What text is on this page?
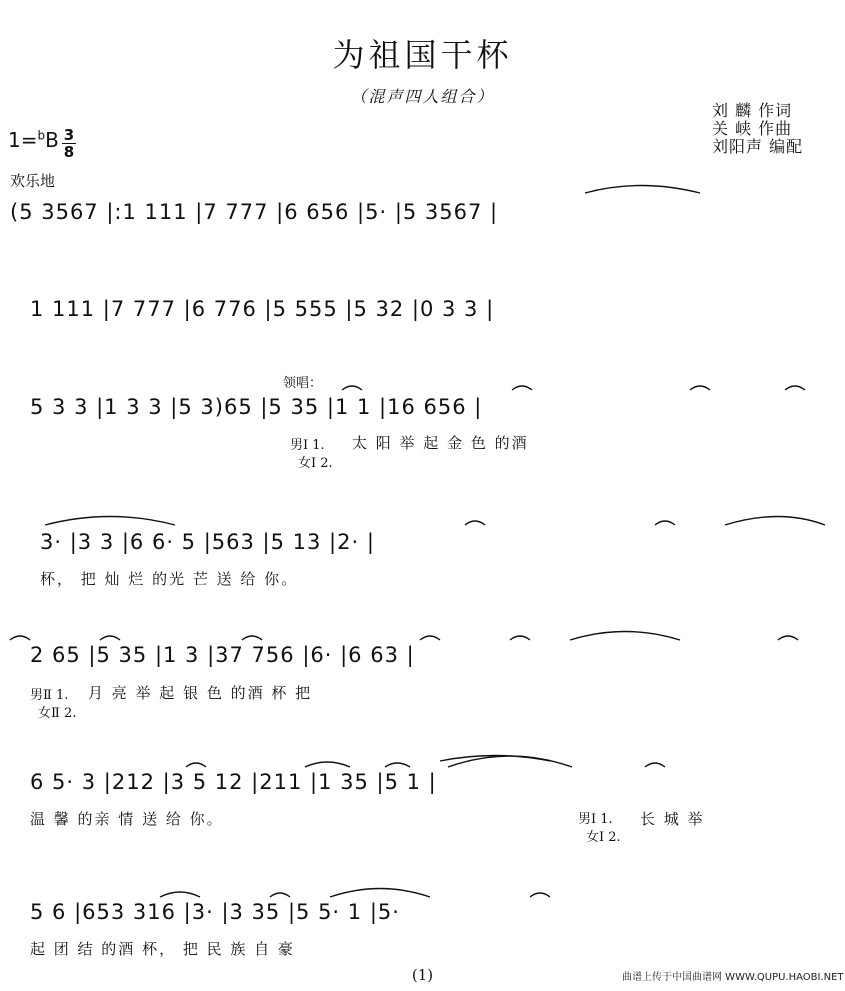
为祖国干杯
（混声四人组合）
刘 麟 作词
关 峡 作曲
刘阳声 编配
1=$^b$B 3
8
欢乐地
(5 3567 |:1 111 |7 777 |6 656 |5· |5 3567 |
1 111 |7 777 |6 776 |5 555 |5 32 |0 3 3 |
领唱：
5 3 3 |1 3 3 |5 3)65 |5 35 |1 1 |16 656 |
男Ⅰ 1.
女Ⅰ 2.
太 阳 举 起 金 色 的酒
3· |3 3 |6 6· 5 |563 |5 13 |2· |
杯， 把 灿 烂 的光 芒 送 给 你。
2 65 |5 35 |1 3 |37 756 |6· |6 63 |
男Ⅱ 1.
女Ⅱ 2.
月 亮 举 起 银 色 的酒 杯 把
6 5· 3 |212 |3 5 12 |211 |1 35 |5 1 |
温 馨 的亲 情 送 给 你。	男Ⅰ 1.
女Ⅰ 2.
长 城 举
5 6 |653 316 |3· |3 35 |5 5· 1 |5·
起 团 结 的酒 杯， 把 民 族 自 豪
(1)	曲谱上传于中国曲谱网 WWW.QUPU.HAOBI.NET
